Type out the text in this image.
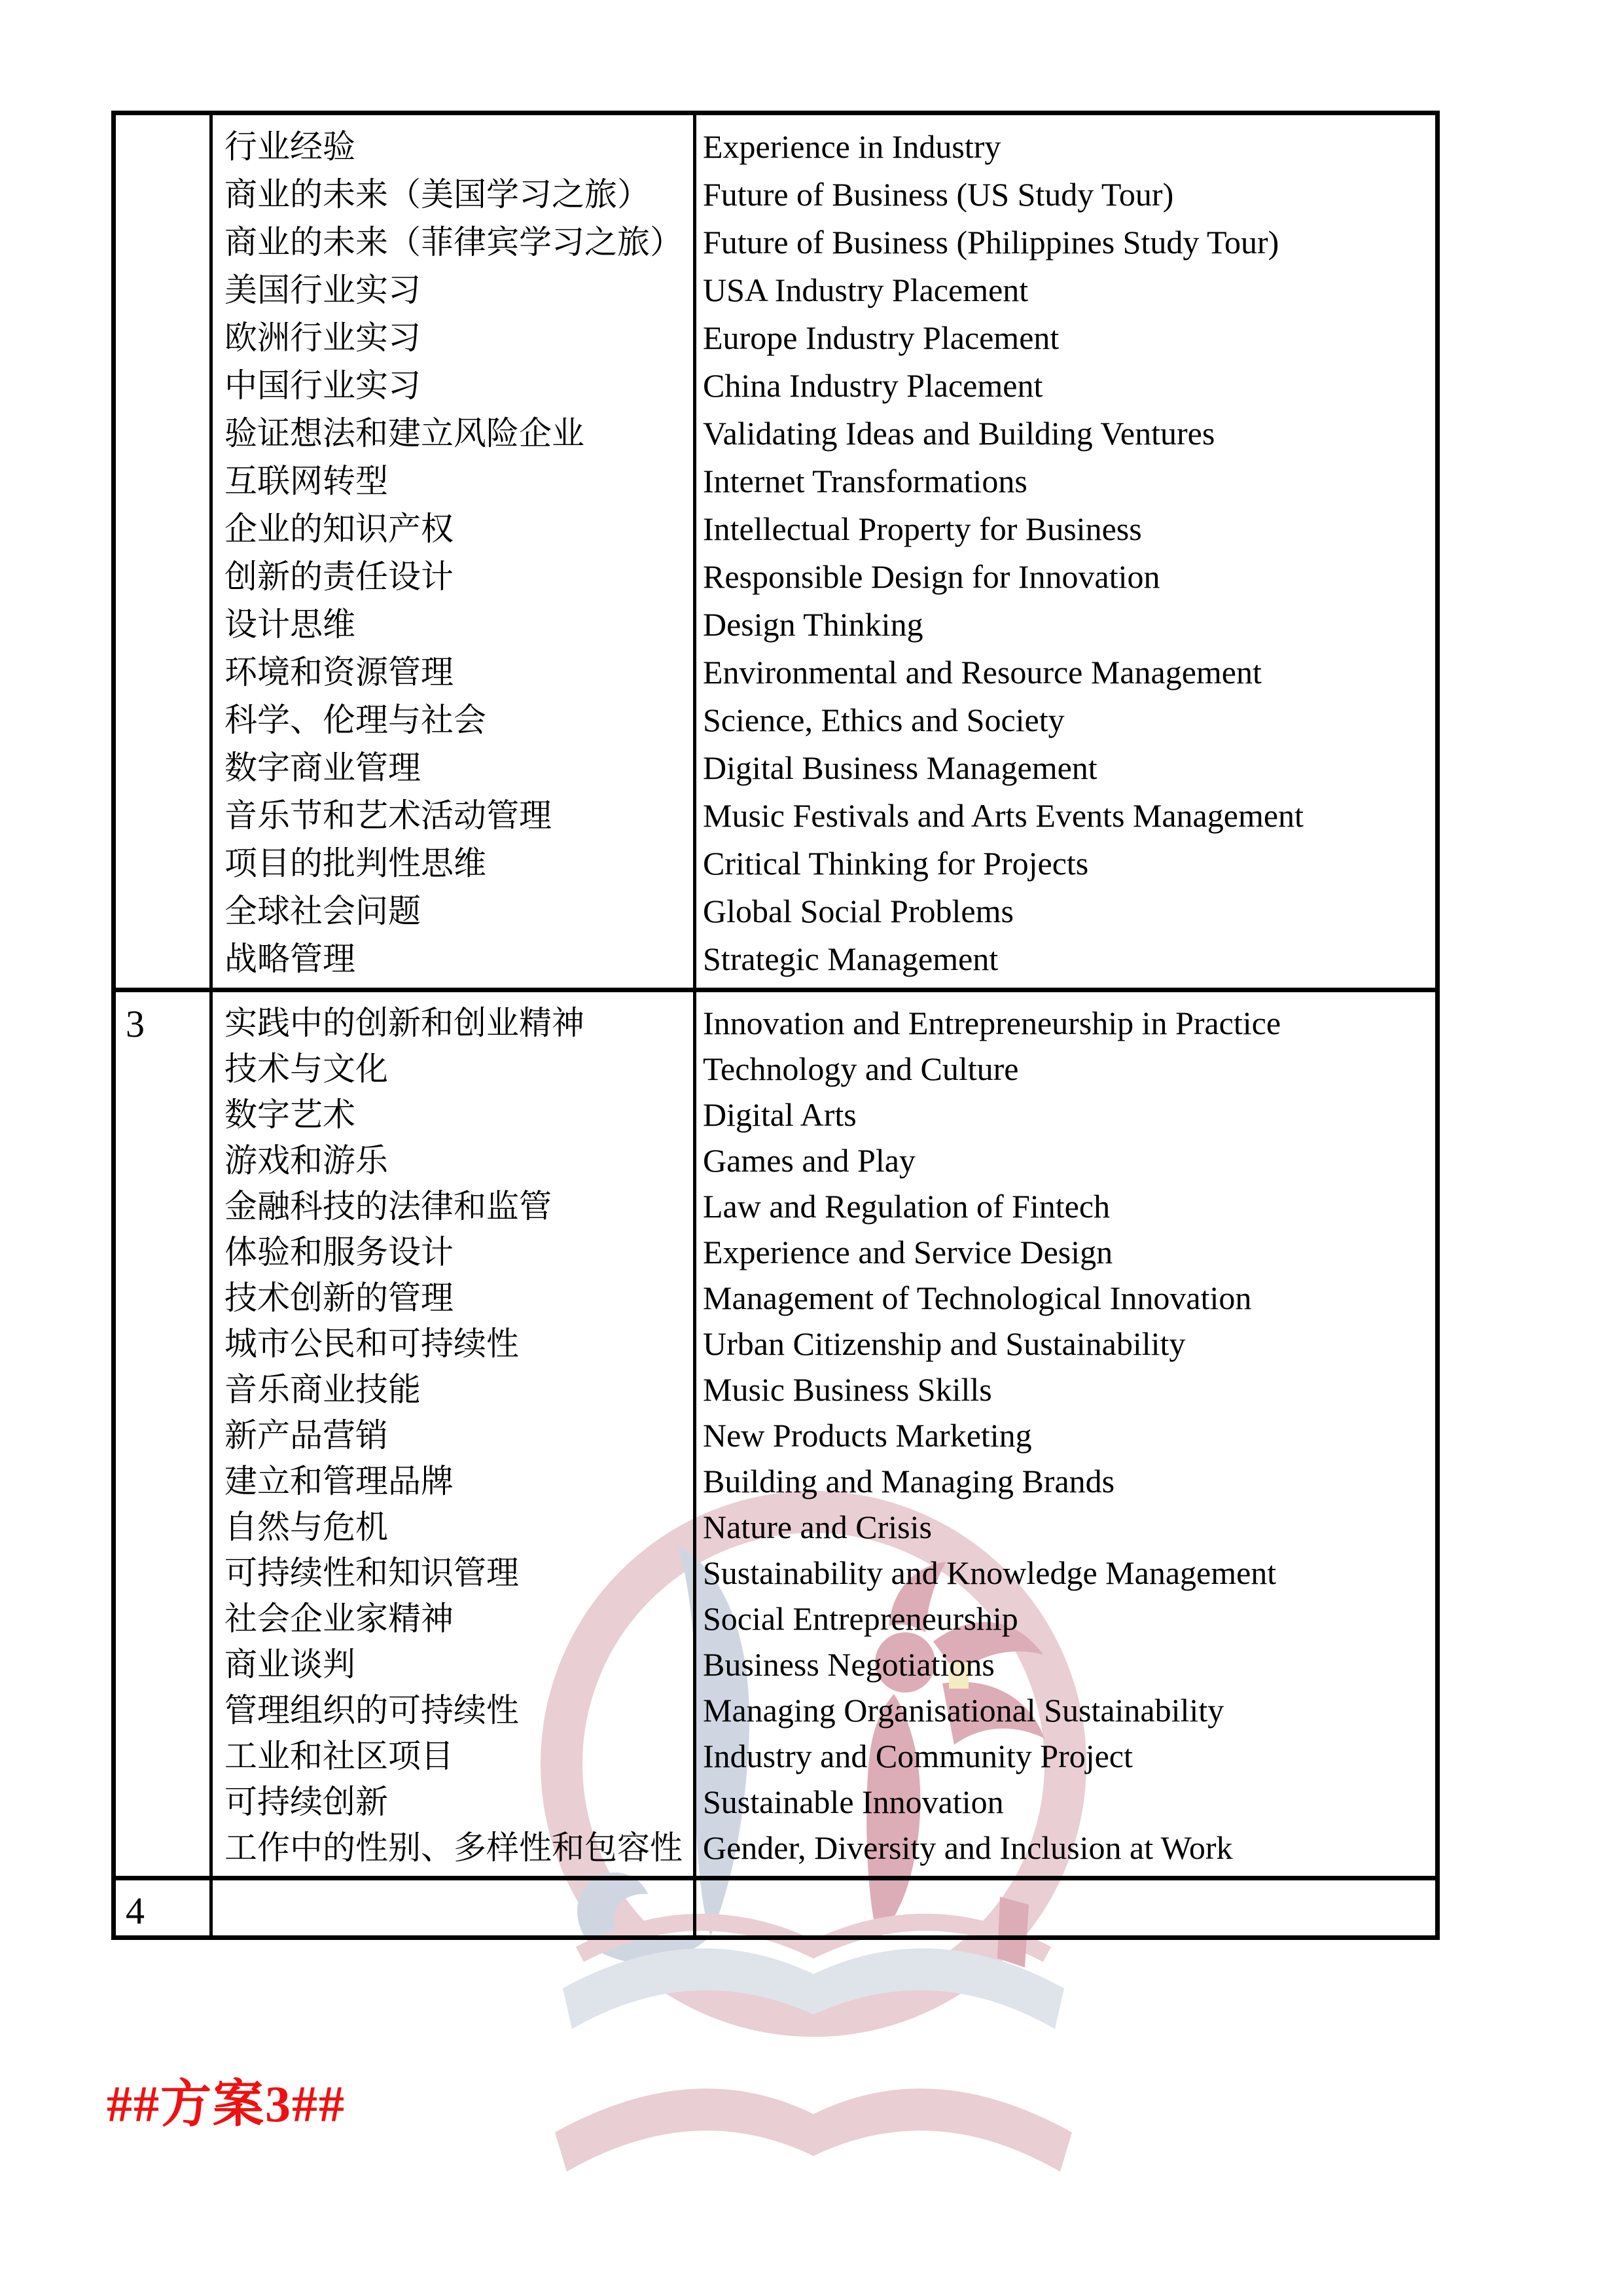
行业经验
商业的未来（美国学习之旅）
商业的未来（菲律宾学习之旅）
美国行业实习
欧洲行业实习
中国行业实习
验证想法和建立风险企业
互联网转型
企业的知识产权
创新的责任设计
设计思维
环境和资源管理
科学、伦理与社会
数字商业管理
音乐节和艺术活动管理
项目的批判性思维
全球社会问题
战略管理
Experience in Industry
Future of Business (US Study Tour)
Future of Business (Philippines Study Tour)
USA Industry Placement
Europe Industry Placement
China Industry Placement
Validating Ideas and Building Ventures
Internet Transformations
Intellectual Property for Business
Responsible Design for Innovation
Design Thinking
Environmental and Resource Management
Science, Ethics and Society
Digital Business Management
Music Festivals and Arts Events Management
Critical Thinking for Projects
Global Social Problems
Strategic Management
3	实践中的创新和创业精神
技术与文化
数字艺术
游戏和游乐
金融科技的法律和监管
体验和服务设计
技术创新的管理
城市公民和可持续性
音乐商业技能
新产品营销
建立和管理品牌
自然与危机
可持续性和知识管理
社会企业家精神
商业谈判
管理组织的可持续性
工业和社区项目
可持续创新
工作中的性别、多样性和包容性
Innovation and Entrepreneurship in Practice
Technology and Culture
Digital Arts
Games and Play
Law and Regulation of Fintech
Experience and Service Design
Management of Technological Innovation
Urban Citizenship and Sustainability
Music Business Skills
New Products Marketing
Building and Managing Brands
Nature and Crisis
Sustainability and Knowledge Management
Social Entrepreneurship
Business Negotiations
Managing Organisational Sustainability
Industry and Community Project
Sustainable Innovation
Gender, Diversity and Inclusion at Work
4
##方案3##
